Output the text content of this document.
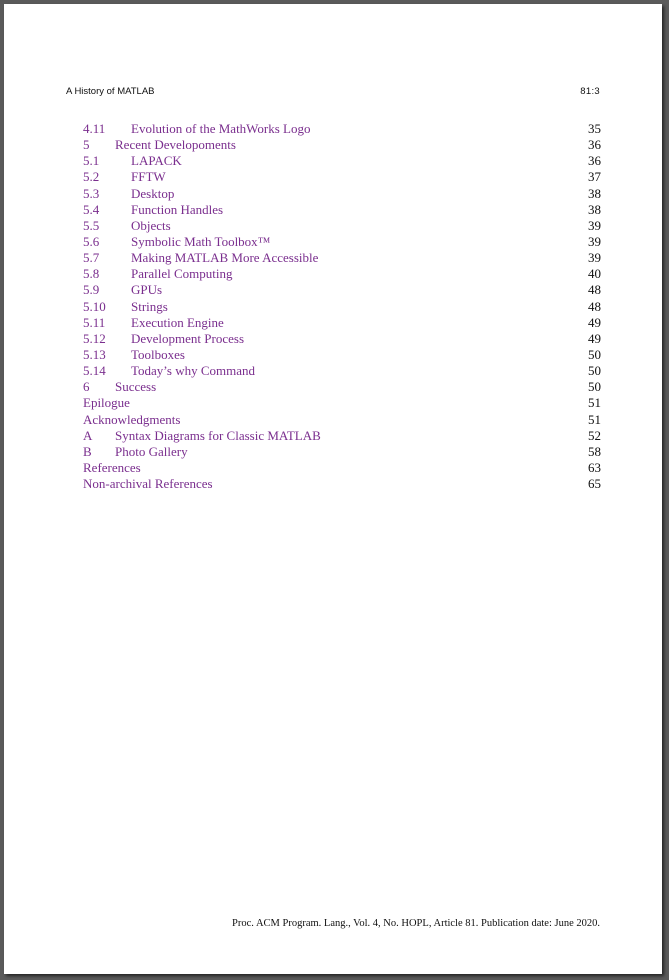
A History of MATLAB	81:3
4.11 Evolution of the MathWorks Logo	35
5 Recent Developoments	36
5.1 LAPACK	36
5.2 FFTW	37
5.3 Desktop	38
5.4 Function Handles	38
5.5 Objects	39
5.6 Symbolic Math Toolbox™	39
5.7 Making MATLAB More Accessible	39
5.8 Parallel Computing	40
5.9 GPUs	48
5.10 Strings	48
5.11 Execution Engine	49
5.12 Development Process	49
5.13 Toolboxes	50
5.14 Today’s why Command	50
6 Success	50
Epilogue	51
Acknowledgments	51
A Syntax Diagrams for Classic MATLAB	52
B Photo Gallery	58
References	63
Non-archival References	65
Proc. ACM Program. Lang., Vol. 4, No. HOPL, Article 81. Publication date: June 2020.
